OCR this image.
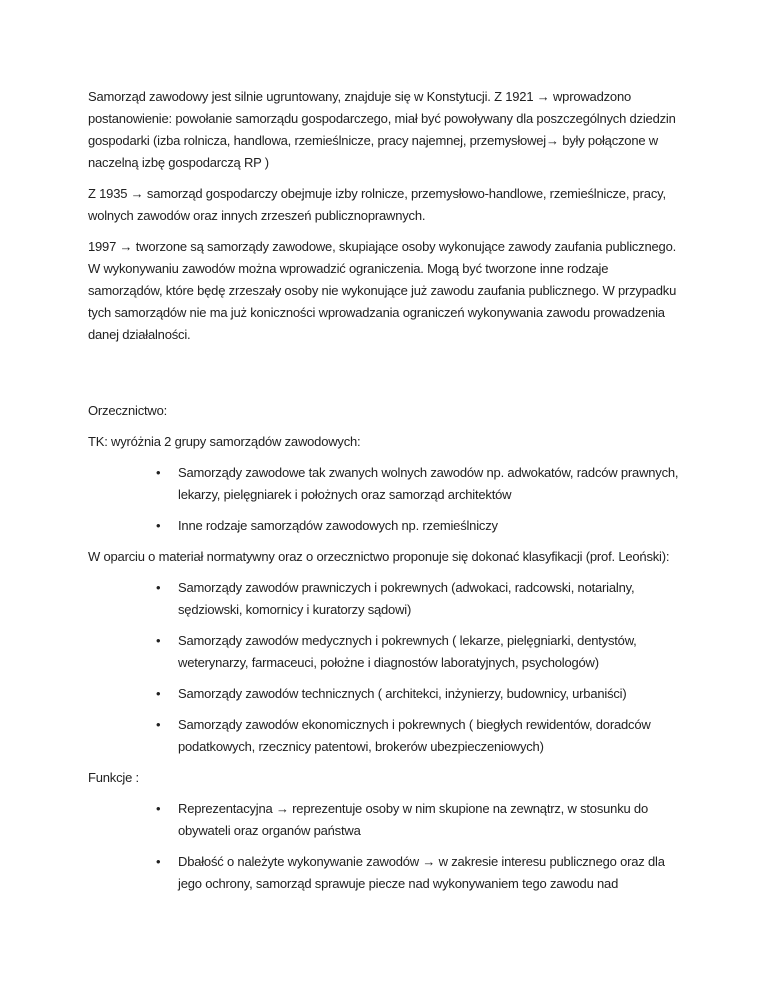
Samorząd zawodowy jest silnie ugruntowany, znajduje się w Konstytucji. Z 1921 → wprowadzono postanowienie: powołanie samorządu gospodarczego, miał być powoływany dla poszczególnych dziedzin gospodarki (izba rolnicza, handlowa, rzemieślnicze, pracy najemnej, przemysłowej→ były połączone w naczelną izbę gospodarczą RP )

Z 1935 → samorząd gospodarczy obejmuje izby rolnicze, przemysłowo-handlowe, rzemieślnicze, pracy, wolnych zawodów oraz innych zrzeszeń publicznoprawnych.

1997 → tworzone są samorządy zawodowe, skupiające osoby wykonujące zawody zaufania publicznego. W wykonywaniu zawodów można wprowadzić ograniczenia. Mogą być tworzone inne rodzaje samorządów, które będę zrzeszały osoby nie wykonujące już zawodu zaufania publicznego. W przypadku tych samorządów nie ma już koniczności wprowadzania ograniczeń wykonywania zawodu prowadzenia danej działalności.

Orzecznictwo:

TK: wyróżnia 2 grupy samorządów zawodowych:

• Samorządy zawodowe tak zwanych wolnych zawodów np. adwokatów, radców prawnych, lekarzy, pielęgniarek i położnych oraz samorząd architektów
• Inne rodzaje samorządów zawodowych np. rzemieślniczy

W oparciu o materiał normatywny oraz o orzecznictwo proponuje się dokonać klasyfikacji (prof. Leoński):

• Samorządy zawodów prawniczych i pokrewnych (adwokaci, radcowski, notarialny, sędziowski, komornicy i kuratorzy sądowi)
• Samorządy zawodów medycznych i pokrewnych ( lekarze, pielęgniarki, dentystów, weterynarzy, farmaceuci, położne i diagnostów laboratyjnych, psychologów)
• Samorządy zawodów technicznych ( architekci, inżynierzy, budownicy, urbaniści)
• Samorządy zawodów ekonomicznych i pokrewnych ( biegłych rewidentów, doradców podatkowych, rzecznicy patentowi, brokerów ubezpieczeniowych)

Funkcje :

• Reprezentacyjna → reprezentuje osoby w nim skupione na zewnątrz, w stosunku do obywateli oraz organów państwa
• Dbałość o należyte wykonywanie zawodów → w zakresie interesu publicznego oraz dla jego ochrony, samorząd sprawuje piecze nad wykonywaniem tego zawodu nad
